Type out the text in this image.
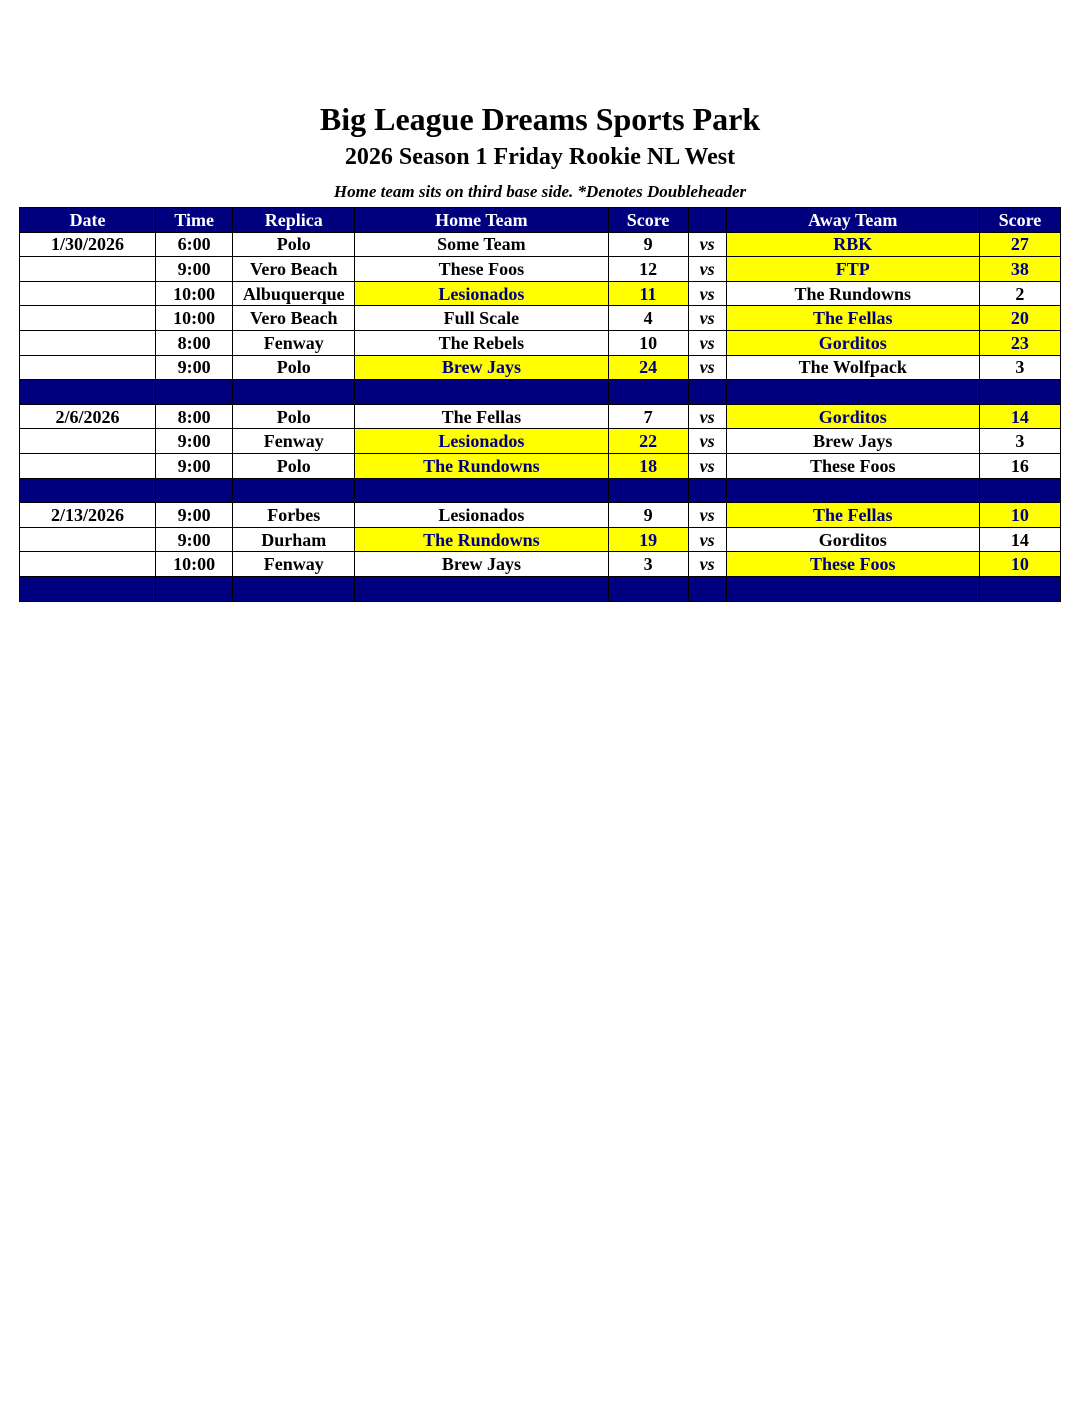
Big League Dreams Sports Park
2026 Season 1 Friday Rookie NL West
Home team sits on third base side. *Denotes Doubleheader
Date	Time	Replica	Home Team	Score		Away Team	Score
1/30/2026	6:00	Polo	Some Team	9	vs	RBK	27
	9:00	Vero Beach	These Foos	12	vs	FTP	38
	10:00	Albuquerque	Lesionados	11	vs	The Rundowns	2
	10:00	Vero Beach	Full Scale	4	vs	The Fellas	20
	8:00	Fenway	The Rebels	10	vs	Gorditos	23
	9:00	Polo	Brew Jays	24	vs	The Wolfpack	3

2/6/2026	8:00	Polo	The Fellas	7	vs	Gorditos	14
	9:00	Fenway	Lesionados	22	vs	Brew Jays	3
	9:00	Polo	The Rundowns	18	vs	These Foos	16

2/13/2026	9:00	Forbes	Lesionados	9	vs	The Fellas	10
	9:00	Durham	The Rundowns	19	vs	Gorditos	14
	10:00	Fenway	Brew Jays	3	vs	These Foos	10
